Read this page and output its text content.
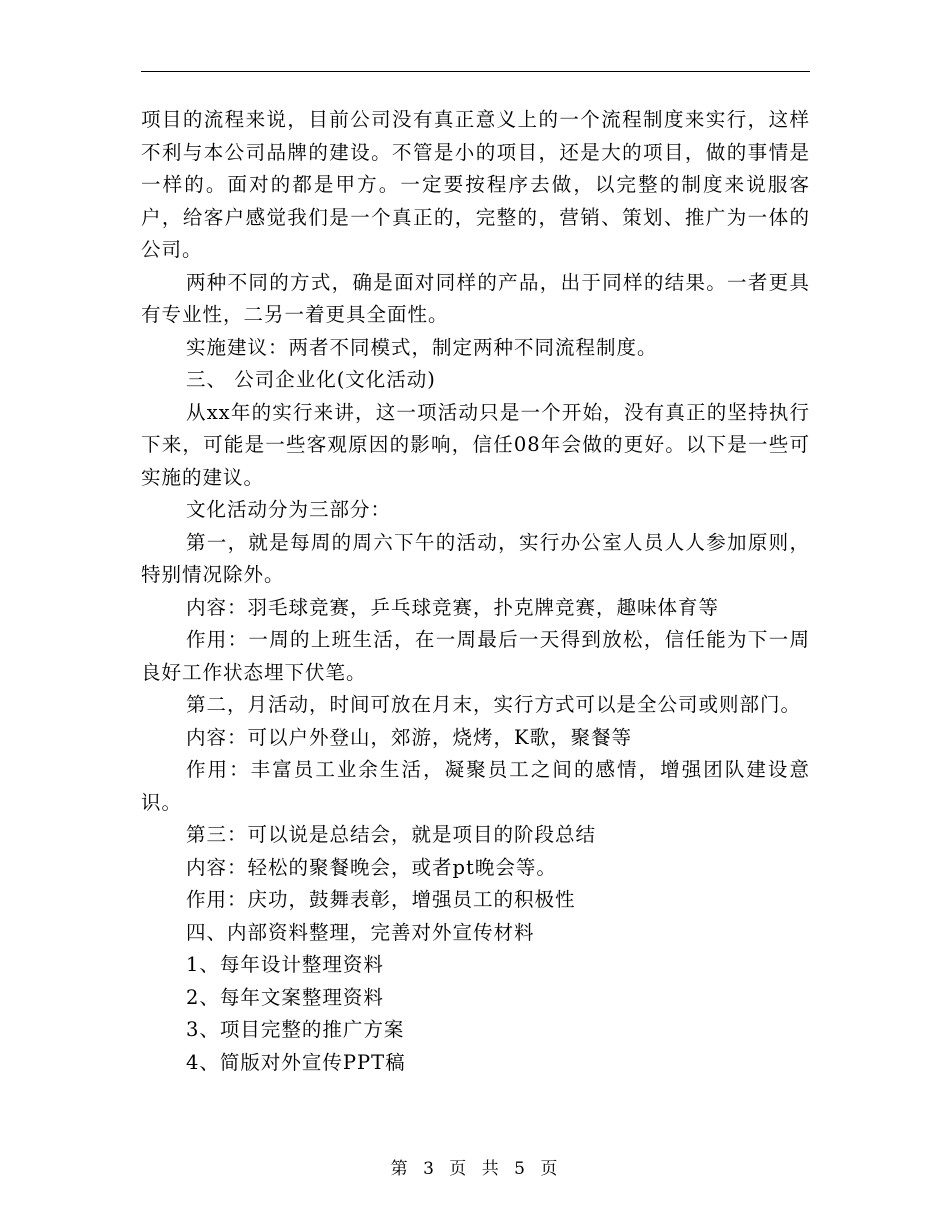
项目的流程来说，目前公司没有真正意义上的一个流程制度来实行，这样不利与本公司品牌的建设。不管是小的项目，还是大的项目，做的事情是一样的。面对的都是甲方。一定要按程序去做，以完整的制度来说服客户，给客户感觉我们是一个真正的，完整的，营销、策划、推广为一体的公司。

两种不同的方式，确是面对同样的产品，出于同样的结果。一者更具有专业性，二另一着更具全面性。

实施建议：两者不同模式，制定两种不同流程制度。

三、 公司企业化(文化活动)

从xx年的实行来讲，这一项活动只是一个开始，没有真正的坚持执行下来，可能是一些客观原因的影响，信任08年会做的更好。以下是一些可实施的建议。

文化活动分为三部分：

第一，就是每周的周六下午的活动，实行办公室人员人人参加原则，特别情况除外。

内容：羽毛球竞赛，乒乓球竞赛，扑克牌竞赛，趣味体育等

作用：一周的上班生活，在一周最后一天得到放松，信任能为下一周良好工作状态埋下伏笔。

第二，月活动，时间可放在月末，实行方式可以是全公司或则部门。

内容：可以户外登山，郊游，烧烤，K歌，聚餐等

作用：丰富员工业余生活，凝聚员工之间的感情，增强团队建设意识。

第三：可以说是总结会，就是项目的阶段总结

内容：轻松的聚餐晚会，或者pt晚会等。

作用：庆功，鼓舞表彰，增强员工的积极性

四、内部资料整理，完善对外宣传材料

1、每年设计整理资料

2、每年文案整理资料

3、项目完整的推广方案

4、简版对外宣传PPT稿

第 3 页 共 5 页
